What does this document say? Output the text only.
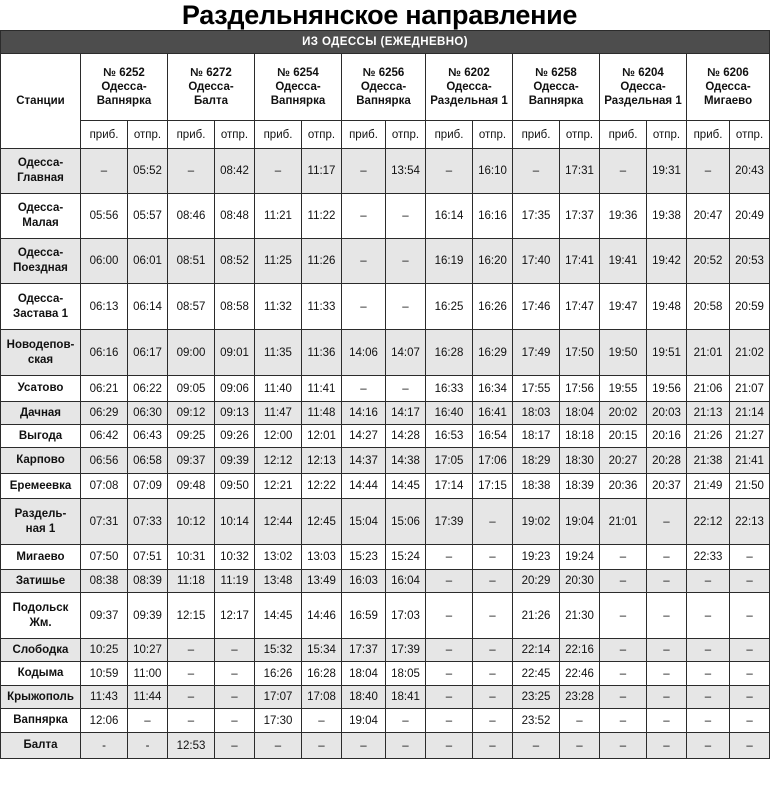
Раздельнянское направление
ИЗ ОДЕССЫ (ЕЖЕДНЕВНО)																
Станции	№ 6252
Одесса-
Вапнярка		№ 6272
Одесса-
Балта		№ 6254
Одесса-
Вапнярка		№ 6256
Одесса-
Вапнярка		№ 6202
Одесса-
Раздельная 1		№ 6258
Одесса-
Вапнярка		№ 6204
Одесса-
Раздельная 1		№ 6206
Одесса-
Мигаево	

	приб.	отпр.	приб.	отпр.	приб.	отпр.	приб.	отпр.	приб.	отпр.	приб.	отпр.	приб.	отпр.	приб.	отпр.

Одесса-
Главная	–	05:52	–	08:42	–	11:17	–	13:54	–	16:10	–	17:31	–	19:31	–	20:43

Одесса-
Малая	05:56	05:57	08:46	08:48	11:21	11:22	–	–	16:14	16:16	17:35	17:37	19:36	19:38	20:47	20:49

Одесса-
Поездная	06:00	06:01	08:51	08:52	11:25	11:26	–	–	16:19	16:20	17:40	17:41	19:41	19:42	20:52	20:53

Одесса-
Застава 1	06:13	06:14	08:57	08:58	11:32	11:33	–	–	16:25	16:26	17:46	17:47	19:47	19:48	20:58	20:59

Новодепов-
ская	06:16	06:17	09:00	09:01	11:35	11:36	14:06	14:07	16:28	16:29	17:49	17:50	19:50	19:51	21:01	21:02

Усатово	06:21	06:22	09:05	09:06	11:40	11:41	–	–	16:33	16:34	17:55	17:56	19:55	19:56	21:06	21:07

Дачная	06:29	06:30	09:12	09:13	11:47	11:48	14:16	14:17	16:40	16:41	18:03	18:04	20:02	20:03	21:13	21:14

Выгода	06:42	06:43	09:25	09:26	12:00	12:01	14:27	14:28	16:53	16:54	18:17	18:18	20:15	20:16	21:26	21:27

Карпово	06:56	06:58	09:37	09:39	12:12	12:13	14:37	14:38	17:05	17:06	18:29	18:30	20:27	20:28	21:38	21:41

Еремеевка	07:08	07:09	09:48	09:50	12:21	12:22	14:44	14:45	17:14	17:15	18:38	18:39	20:36	20:37	21:49	21:50

Раздель-
ная 1	07:31	07:33	10:12	10:14	12:44	12:45	15:04	15:06	17:39	–	19:02	19:04	21:01	–	22:12	22:13

Мигаево	07:50	07:51	10:31	10:32	13:02	13:03	15:23	15:24	–	–	19:23	19:24	–	–	22:33	–

Затишье	08:38	08:39	11:18	11:19	13:48	13:49	16:03	16:04	–	–	20:29	20:30	–	–	–	–

Подольск
Жм.	09:37	09:39	12:15	12:17	14:45	14:46	16:59	17:03	–	–	21:26	21:30	–	–	–	–

Слободка	10:25	10:27	–	–	15:32	15:34	17:37	17:39	–	–	22:14	22:16	–	–	–	–

Кодыма	10:59	11:00	–	–	16:26	16:28	18:04	18:05	–	–	22:45	22:46	–	–	–	–

Крыжополь	11:43	11:44	–	–	17:07	17:08	18:40	18:41	–	–	23:25	23:28	–	–	–	–

Вапнярка	12:06	–	–	–	17:30	–	19:04	–	–	–	23:52	–	–	–	–	–

Балта	-	-	12:53	–	–	–	–	–	–	–	–	–	–	–	–	–
